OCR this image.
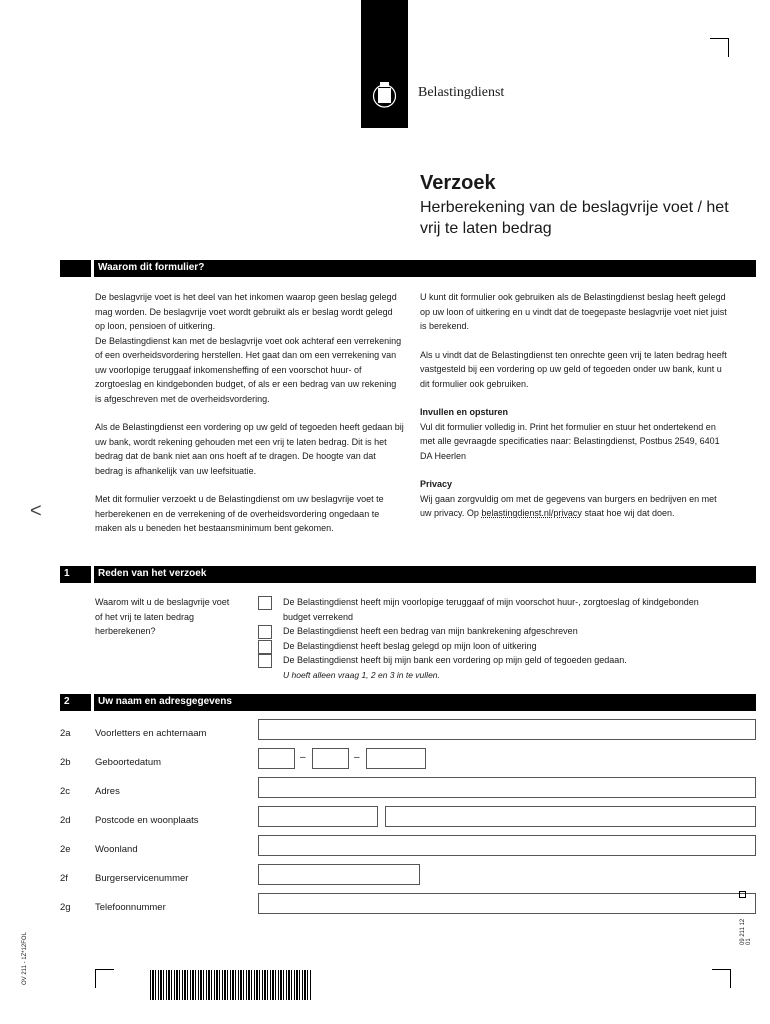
Belastingdienst
Verzoek
Herberekening van de beslagvrije voet / het vrij te laten bedrag
Waarom dit formulier?

De beslagvrije voet is het deel van het inkomen waarop geen beslag gelegd mag worden. De beslagvrije voet wordt gebruikt als er beslag wordt gelegd op loon, pensioen of uitkering.

De Belastingdienst kan met de beslagvrije voet ook achteraf een verrekening of een overheidsvordering herstellen. Het gaat dan om een verrekening van uw voorlopige teruggaaf inkomensheffing of een voorschot huur- of zorgtoeslag en kindgebonden budget, of als er een bedrag van uw rekening is afgeschreven met de overheidsvordering.

Als de Belastingdienst een vordering op uw geld of tegoeden heeft gedaan bij uw bank, wordt rekening gehouden met een vrij te laten bedrag. Dit is het bedrag dat de bank niet aan ons hoeft af te dragen. De hoogte van dat bedrag is afhankelijk van uw leefsituatie.

Met dit formulier verzoekt u de Belastingdienst om uw beslagvrije voet te herberekenen en de verrekening of de overheidsvordering ongedaan te maken als u beneden het bestaansminimum bent gekomen.

U kunt dit formulier ook gebruiken als de Belastingdienst beslag heeft gelegd op uw loon of uitkering en u vindt dat de toegepaste beslagvrije voet niet juist is berekend.

Als u vindt dat de Belastingdienst ten onrechte geen vrij te laten bedrag heeft vastgesteld bij een vordering op uw geld of tegoeden onder uw bank, kunt u dit formulier ook gebruiken.

Invullen en opsturen

Vul dit formulier volledig in. Print het formulier en stuur het ondertekend en met alle gevraagde specificaties naar: Belastingdienst, Postbus 2549, 6401 DA Heerlen

Privacy

Wij gaan zorgvuldig om met de gegevens van burgers en bedrijven en met uw privacy. Op belastingdienst.nl/privacy staat hoe wij dat doen.

<
1	Reden van het verzoek
Waarom wilt u de beslagvrije voet of het vrij te laten bedrag herberekenen?
De Belastingdienst heeft mijn voorlopige teruggaaf of mijn voorschot huur-, zorgtoeslag of kindgebonden budget verrekend
De Belastingdienst heeft een bedrag van mijn bankrekening afgeschreven
De Belastingdienst heeft beslag gelegd op mijn loon of uitkering
De Belastingdienst heeft bij mijn bank een vordering op mijn geld of tegoeden gedaan.
U hoeft alleen vraag 1, 2 en 3 in te vullen.
2	Uw naam en adresgegevens
2a	Voorletters en achternaam
2b	Geboortedatum	–	–
2c	Adres
2d	Postcode en woonplaats
2e	Woonland
2f	Burgerservicenummer
2g	Telefoonnummer
OV 211 - 1Z*12FOL
09 211 12 01
